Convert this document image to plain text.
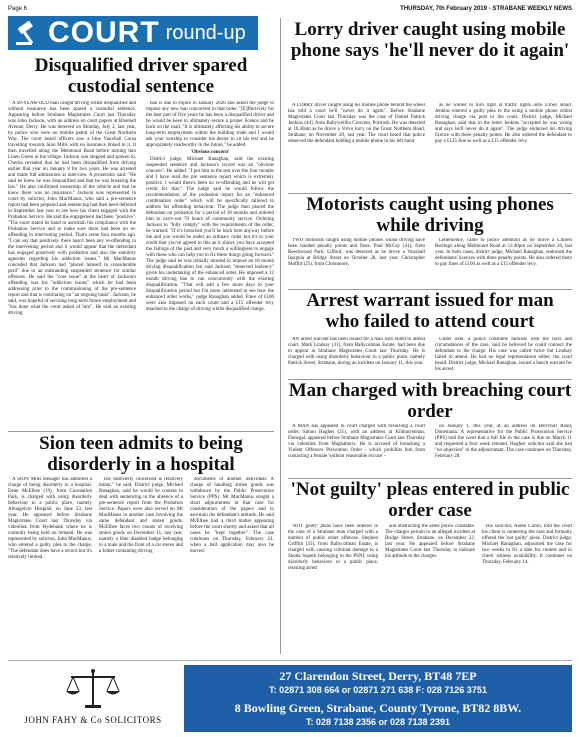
Page 6	THURSDAY, 7th February 2019 - STRABANE WEEKLY NEWS
COURT round-up
Disqualified driver spared custodial sentence

A 49-YEAR-OLD man caught driving whilst disqualified and without insurance has been spared a custodial sentence. Appearing before Strabane Magistrates Court last Thursday was John Jackson, with an address on court papers at Bluebell Avenue, Derry. He was detected on Monday, July 2, last year, by police who were on mobile patrol of the Great Northern Way. The court heard officers saw a blue Vauxhall Corsa travelling towards Sion Mills with no insurance linked to it. It then travelled along the Melmount Road before turning into Linen Green in the village. Jackson was stopped and spoken to. Checks revealed that he had been disqualified from driving earlier that year on January 8 for two years. He was arrested and made full admissions at interview. A prosecutor said: "He said he knew he was disqualified and that he was breaking the law." He also confirmed ownership of the vehicle and that he knew there was no insurance." Jackson was represented in court by solicitor, John MacManus, who said a pre-sentence report had been prepared and sentencing had then been deferred in September last year to see how his client engaged with the Probation Service. He said the engagement had been "positive". "The court stated its hand to ascertain his compliance with the Probation Service and to make sure there had been no re-offending in intervening period. That's some four months ago. "I can say that positively there hasn't been any re-offending in the intervening period and it would appear that the defendant has engaged positively with probation and also the statutory agencies regarding his addiction issues." Mr MacManus conceded that Jackson had "placed himself in considerable peril" due to an outstanding suspended sentence for similar offences. He said the "core issue" at the heart of Jackson's offending was his "addiction issues" which he had been addressing prior to the commissioning of the pre-sentence report and that is continuing on "an ongoing basis". Jackson, he said, was hopeful of securing long-term future employment and "has done what the court asked of him". He said an existing driving

ban is due to expire in January 2020 and asked the judge to impose any new ban concurrent to that order. "[E]ffectively for the best part of five years he has been a disqualified driver and he would be keen to ultimately secure a proper licence and be back on the road. "It is ultimately affecting his ability to secure long-term employment within the building trade and I would ask your worship to consider his desire to sit his test and be appropriately roadworthy in the future," he added.

'Obvious concern'

District judge, Michael Ranaghan, said the existing suspended sentence and Jackson's record was an "obvious concern". He added: "I put him to the test over the four months and I have read the pre sentence report which is extremely positive. I would there's been no re-offending and he will get credit for that." The judge said he would follow the recommendation of the probation report for an "enhanced combination order" which will be specifically tailored to address his offending behaviour. The judge then placed the defendant on probation for a period of 18 months and ordered him to carry-out 70 hours of community service. Ordering Jackson to "fully comply" with the requirements of the order, he warned: "If it's breached you'll be back here anyway before me and you would be under an ordinary order but it's to your credit that you've agreed to this as it shows you have accepted the failings of the past and very much a willingness to engage with those who can help you to fix these things going forward." The judge said he was initially minded to impose an 18 month driving disqualification but said Jackson "deserved leniency" given his undertaking of the enhanced order. He imposed a 12 month driving ban to run concurrently with the existing disqualification. "That will add a few more days to your disqualification period but I'm more interested to see how the enhanced order works," judge Ranaghan added. Fines of £100 were also imposed on each count and a £15 offender levy attached to the charge of driving whilst disqualified charge.

Sion teen admits to being disorderly in a hospital

A SION Mills teenager has admitted a charge of being disorderly in a hospital. Dean McElhee (19), from Coronation Park, is charged with using disorderly behaviour in a public place, namely Altnagelvin Hospital, on June 23, last year. He appeared before Strabane Magistrates Court last Thursday via videolink from Hydebank where he is currently being held on remand. He was represented by solicitor, John MacManus, who entered a guilty plea to the charge. "The defendant does have a record but it's relatively limited.

The disorderly concerned is relatively minor," he said. District judge, Michael Ranaghan, said he would be content to deal with sentencing in the absence of a pre-sentence report from the Probation Service. Papers were also served on Mr MacManus in another case involving the same defendant and stolen goods. McElhee faces two counts of receiving stolen goods on December 11, last year, namely a blue disabled badge belonging to a male and the front of a car stereo and a folder containing driving

documents of another individual. A charge of handling stolen goods was withdrawn by the Public Prosecution Service (PPS). Mr MacManus sought a short adjournment in that case for consideration of the papers and to ascertain the defendant's attitude. He said McElhee had a third matter appearing before the court shortly and asked that all cases be "kept together". The case continues on Thursday, February 21, when a bail application may also be moved.

Lorry driver caught using mobile phone says 'he'll never do it again'

A LORRY driver caught using his mobile phone behind the wheel has told a court he'll "never do it again". Before Strabane Magistrates Court last Thursday was the case of Daniel Patrick Jenkins (44), from Ballyweillin Crescent, Portrush. He was detected at 10.30am as he drove a Volvo lorry on the Great Northern Road, Strabane, on November 20, last year. The court heard that police observed the defendant holding a mobile phone in his left hand

as he waited to turn right at traffic lights onto Urney Road. Jenkins entered a guilty plea to the using a mobile phone whilst driving charge via post to the court. District judge, Michael Ranaghan, said that in the letter Jenkins "accepted he was wrong and says he'll never do it again". The judge endorsed his driving licence with three penalty points. He also ordered the defendant to pay a £125 fine as well as a £15 offender levy.

Motorists caught using phones while driving

TWO motorists caught using mobile phones whilst driving have been handed penalty points and fines. Paul McCay (41), from Beechwood Park, Lifford, was detected as he drove a Vauxhall Insignia at Bridge Street on October 28, last year. Christopher Moffitt (25), from Cloonmore,

Letterkenny, came to police attention as he drove a Citroen Berlingo along Melmount Road at 12.40pm on September 26, last year. In both cases, district judge, Michael Ranaghan, endorsed the defendants' licences with three penalty points. He also ordered them to pay fines of £100 as well as a £15 offender levy.

Arrest warrant issued for man who failed to attend court

AN arrest warrant has been issued for a man who failed to attend court. Mark Lindsay (31), from Ballycolman Estate, had been due to appear at Strabane Magistrates Court last Thursday. He is charged with using disorderly behaviour in a public place, namely Patrick Street, Strabane, during an incident on January 11, this year.

Under oath, a police constable familiar with the facts and circumstances of the case, said he believed he could connect the defendant to the charge. His case was called twice but Lindsay failed to attend. He had no legal representation either, the court heard. District judge, Michael Ranaghan, issued a bench warrant for his arrest.

Man charged with breaching court order

A MAN has appeared in court charged with breaching a court order. Simon Hughes (21), with an address at Kilmacrennan, Donegal, appeared before Strabane Magistrates Court last Thursday via videolink from Maghaberry. He is accused of breaching a Violent Offences Prevention Order - which prohibits him from contacting a female 'without reasonable excuse' -

on January 1, this year, at an address on Berryhill Road, Donemana. A representative for the Public Prosecution Service (PPS) told the court that a full file in the case is due on March 11 and requested a four week remand. Hughes' solicitor said she had "no objection" to the adjournment. The case continues on Thursday, February 28.

'Not guilty' pleas entered in public order case

'NOT guilty' pleas have been entered in the case of a Strabane man charged with a number of public order offences. Stephen Griffith (33), from Ballycolman Estate, is charged with causing criminal damage to a Skoda Superb belonging to the PSNI, using disorderly behaviour in a public place, resisting arrest

and obstructing the same police constable. The charges pertain to an alleged incident at Bridge Street, Strabane, on December 22, last year. He appeared before Strabane Magistrates Court last Thursday to indicate his attitude to the charges.

His solicitor, Aiden Carlin, told the court his client is contesting the case and formally offered the 'not guilty' pleas. District judge, Michael Ranaghan, adjourned the case for two weeks to fix a date for contest and to check witness availability. It continues on Thursday, February 14.

JOHN FAHY & Co SOLICITORS
27 Clarendon Street, Derry, BT48 7EP
T: 02871 308 664 or 02871 271 638 F: 028 7126 3751
8 Bowling Green, Strabane, County Tyrone, BT82 8BW.
T: 028 7138 2356 or 028 7138 2391
